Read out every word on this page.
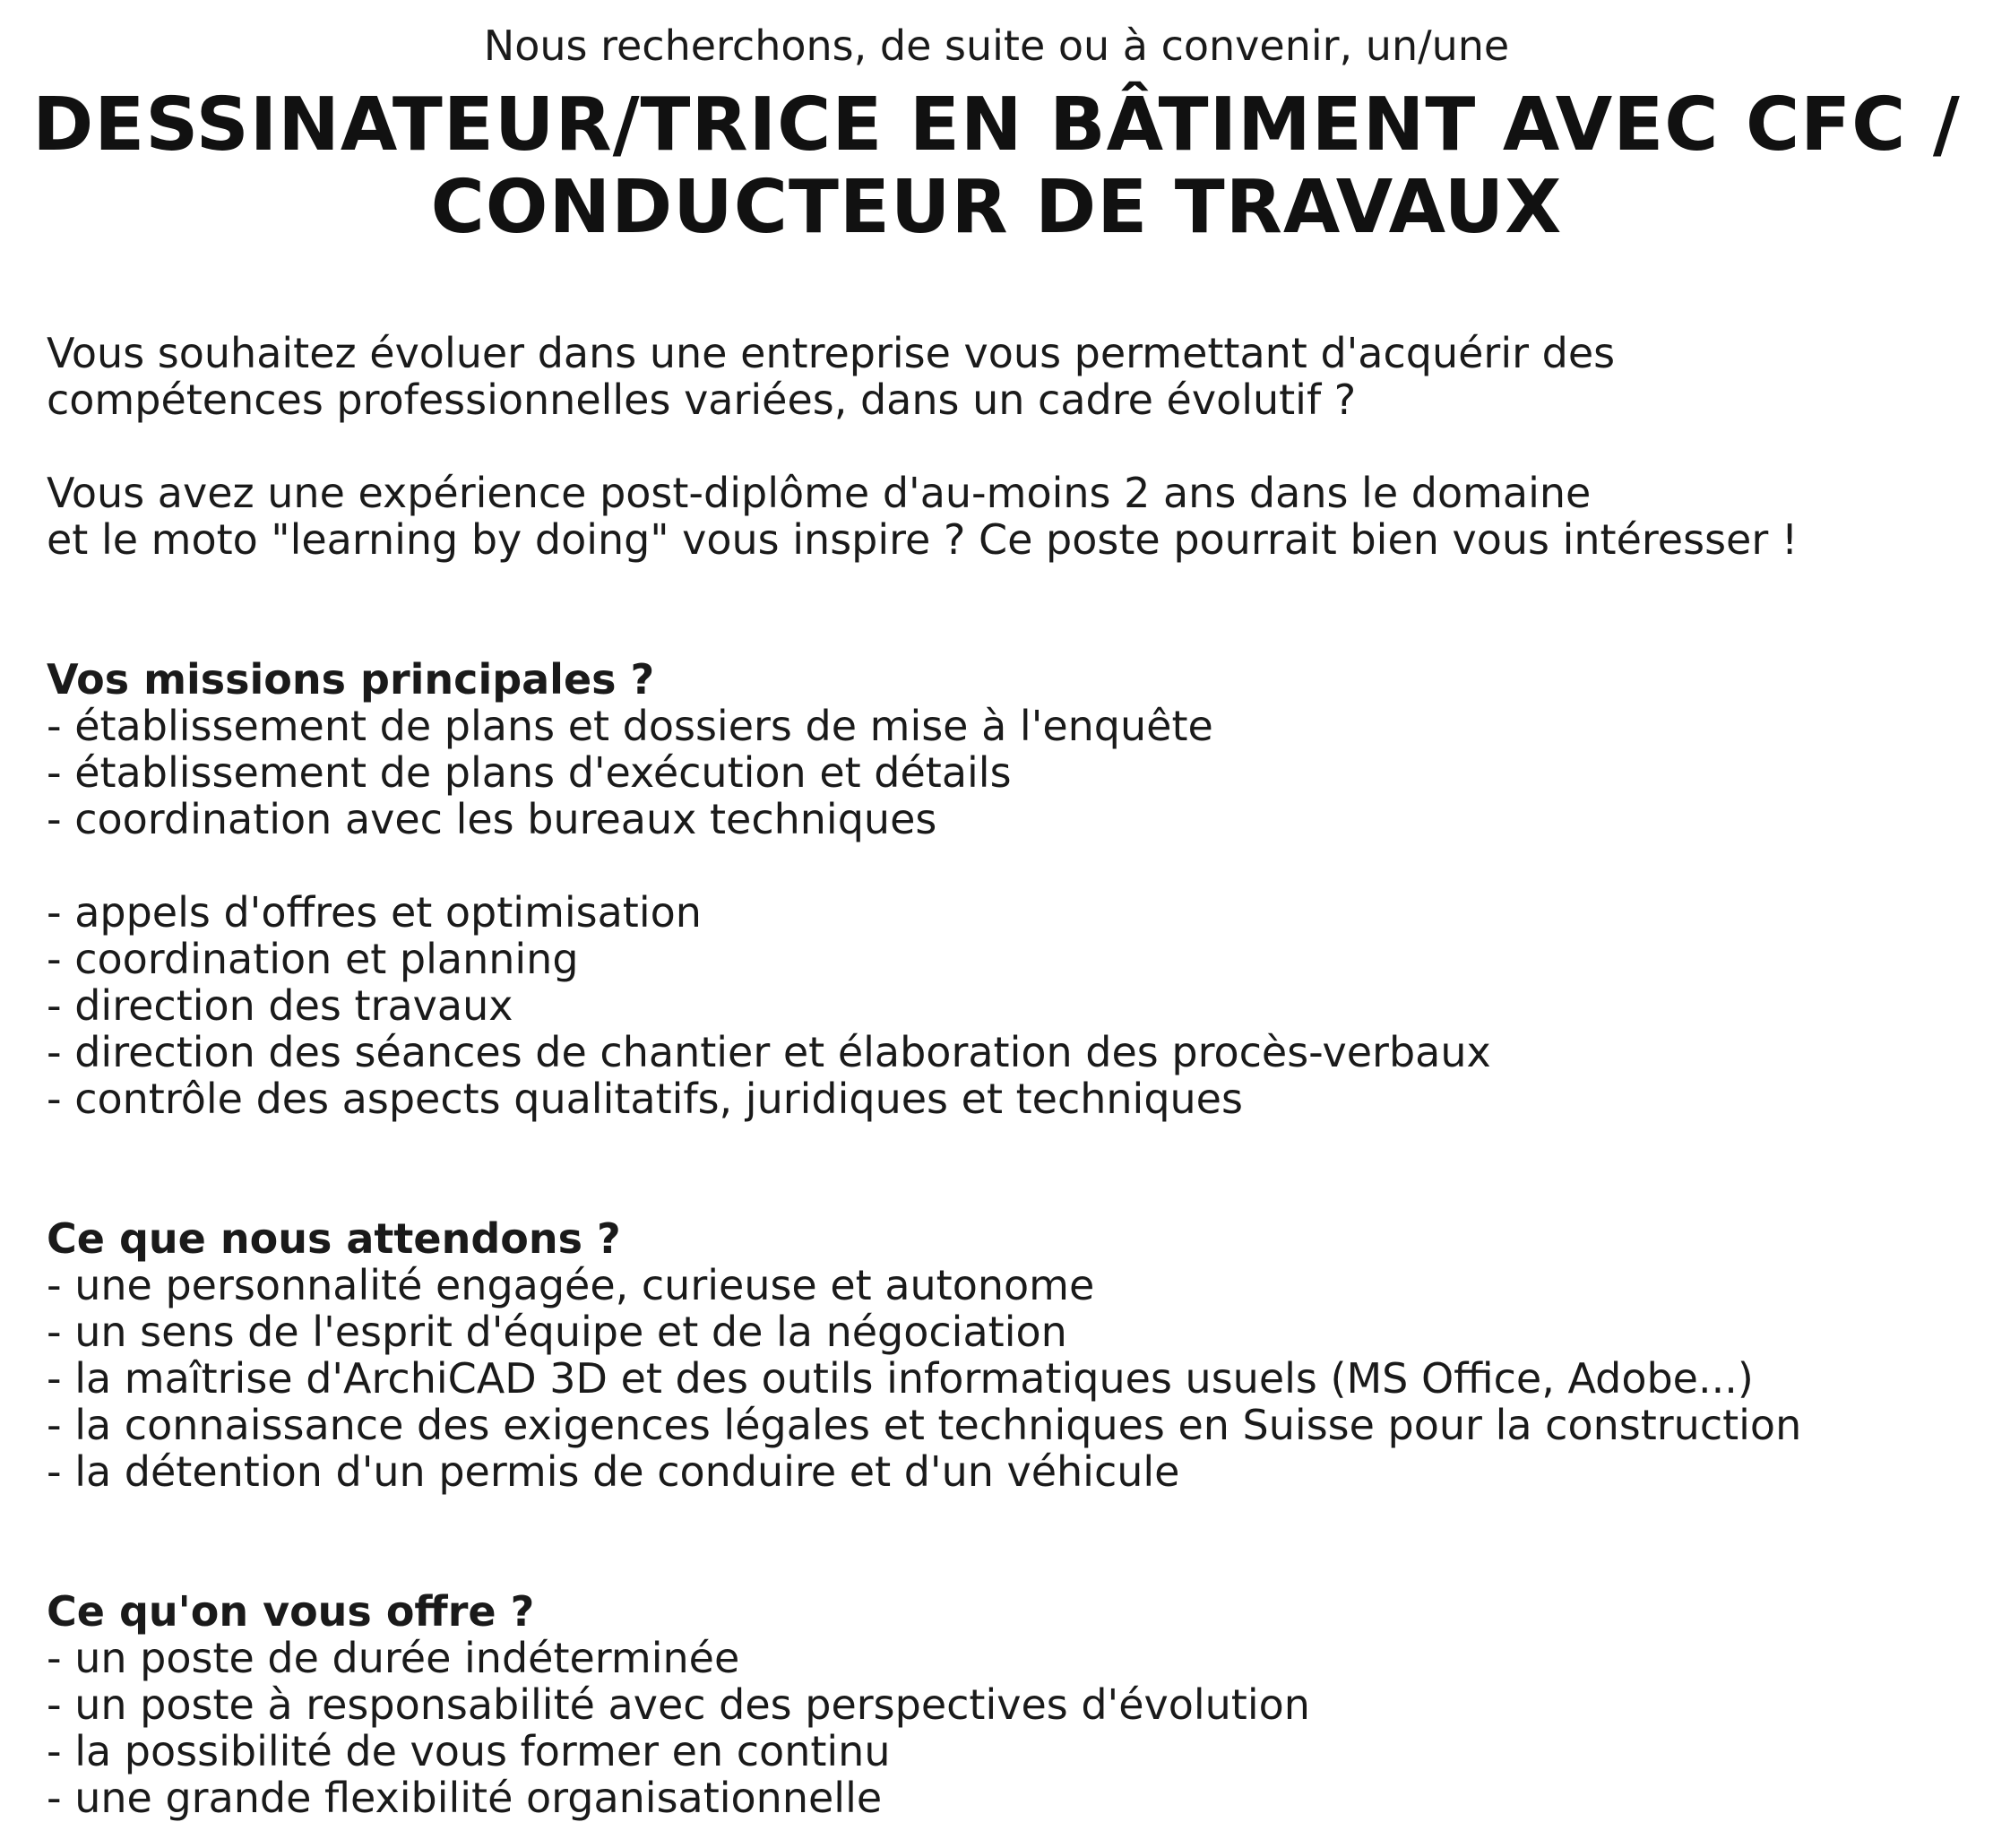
Nous recherchons, de suite ou à convenir, un/une

DESSINATEUR/TRICE EN BÂTIMENT AVEC CFC /
CONDUCTEUR DE TRAVAUX
Vous souhaitez évoluer dans une entreprise vous permettant d'acquérir des
compétences professionnelles variées, dans un cadre évolutif ?
Vous avez une expérience post-diplôme d'au-moins 2 ans dans le domaine
et le moto "learning by doing" vous inspire ? Ce poste pourrait bien vous intéresser !

Vos missions principales ?

- établissement de plans et dossiers de mise à l'enquête
- établissement de plans d'exécution et détails
- coordination avec les bureaux techniques
- appels d'offres et optimisation
- coordination et planning
- direction des travaux
- direction des séances de chantier et élaboration des procès-verbaux
- contrôle des aspects qualitatifs, juridiques et techniques

Ce que nous attendons ?

- une personnalité engagée, curieuse et autonome
- un sens de l'esprit d'équipe et de la négociation
- la maîtrise d'ArchiCAD 3D et des outils informatiques usuels (MS Office, Adobe...)
- la connaissance des exigences légales et techniques en Suisse pour la construction
- la détention d'un permis de conduire et d'un véhicule

Ce qu'on vous offre ?

- un poste de durée indéterminée
- un poste à responsabilité avec des perspectives d'évolution
- la possibilité de vous former en continu
- une grande flexibilité organisationnelle
